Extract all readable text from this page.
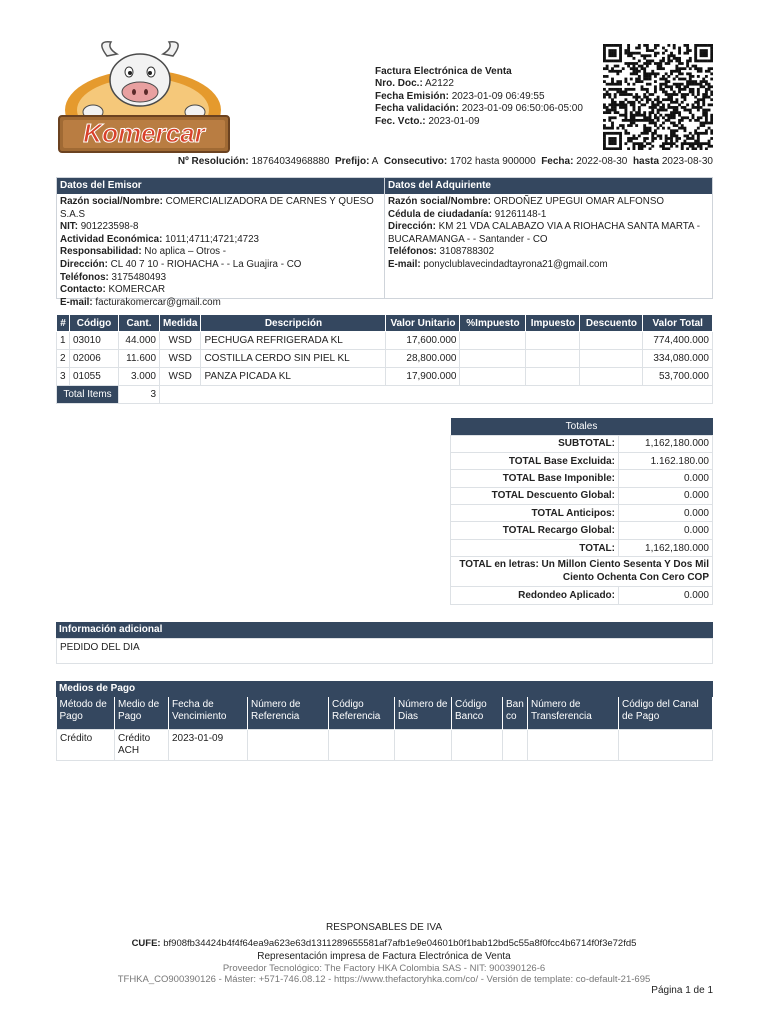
Komercar
Factura Electrónica de Venta
Nro. Doc.: A2122
Fecha Emisión: 2023-01-09 06:49:55
Fecha validación: 2023-01-09 06:50:06-05:00
Fec. Vcto.: 2023-01-09
Nº Resolución: 18764034968880 Prefijo: A Consecutivo: 1702 hasta 900000 Fecha: 2022-08-30 hasta 2023-08-30
Datos del Emisor
Razón social/Nombre: COMERCIALIZADORA DE CARNES Y QUESO S.A.S
NIT: 901223598-8
Actividad Económica: 1011;4711;4721;4723
Responsabilidad: No aplica – Otros -
Dirección: CL 40 7 10 - RIOHACHA - - La Guajira - CO
Teléfonos: 3175480493
Contacto: KOMERCAR
E-mail: facturakomercar@gmail.com
Datos del Adquiriente
Razón social/Nombre: ORDOÑEZ UPEGUI OMAR ALFONSO
Cédula de ciudadanía: 91261148-1
Dirección: KM 21 VDA CALABAZO VIA A RIOHACHA SANTA MARTA - BUCARAMANGA - - Santander - CO
Teléfonos: 3108788302
E-mail: ponyclublavecindadtayrona21@gmail.com
#	Código	Cant.	Medida	Descripción	Valor Unitario	%Impuesto	Impuesto	Descuento	Valor Total
1	03010	44.000	WSD	PECHUGA REFRIGERADA KL	17,600.000				774,400.000
2	02006	11.600	WSD	COSTILLA CERDO SIN PIEL KL	28,800.000				334,080.000
3	01055	3.000	WSD	PANZA PICADA KL	17,900.000				53,700.000
Total Items		3							
Totales	
SUBTOTAL:	1,162,180.000
TOTAL Base Excluida:	1.162.180.00
TOTAL Base Imponible:	0.000
TOTAL Descuento Global:	0.000
TOTAL Anticipos:	0.000
TOTAL Recargo Global:	0.000
TOTAL:	1,162,180.000
TOTAL en letras: Un Millon Ciento Sesenta Y Dos Mil Ciento Ochenta Con Cero COP	
Redondeo Aplicado:	0.000
Información adicional
PEDIDO DEL DIA
Medios de Pago
Método de Pago	Medio de Pago	Fecha de Vencimiento	Número de Referencia	Código Referencia	Número de Dias	Código Banco	Ban co	Número de Transferencia	Código del Canal de Pago
Crédito	Crédito ACH	2023-01-09							
RESPONSABLES DE IVA
CUFE: bf908fb34424b4f4f64ea9a623e63d1311289655581af7afb1e9e04601b0f1bab12bd5c55a8f0fcc4b6714f0f3e72fd5
Representación impresa de Factura Electrónica de Venta
Proveedor Tecnológico: The Factory HKA Colombia SAS - NIT: 900390126-6
TFHKA_CO900390126 - Máster: +571-746.08.12 - https://www.thefactoryhka.com/co/ - Versión de template: co-default-21-695
Página 1 de 1
